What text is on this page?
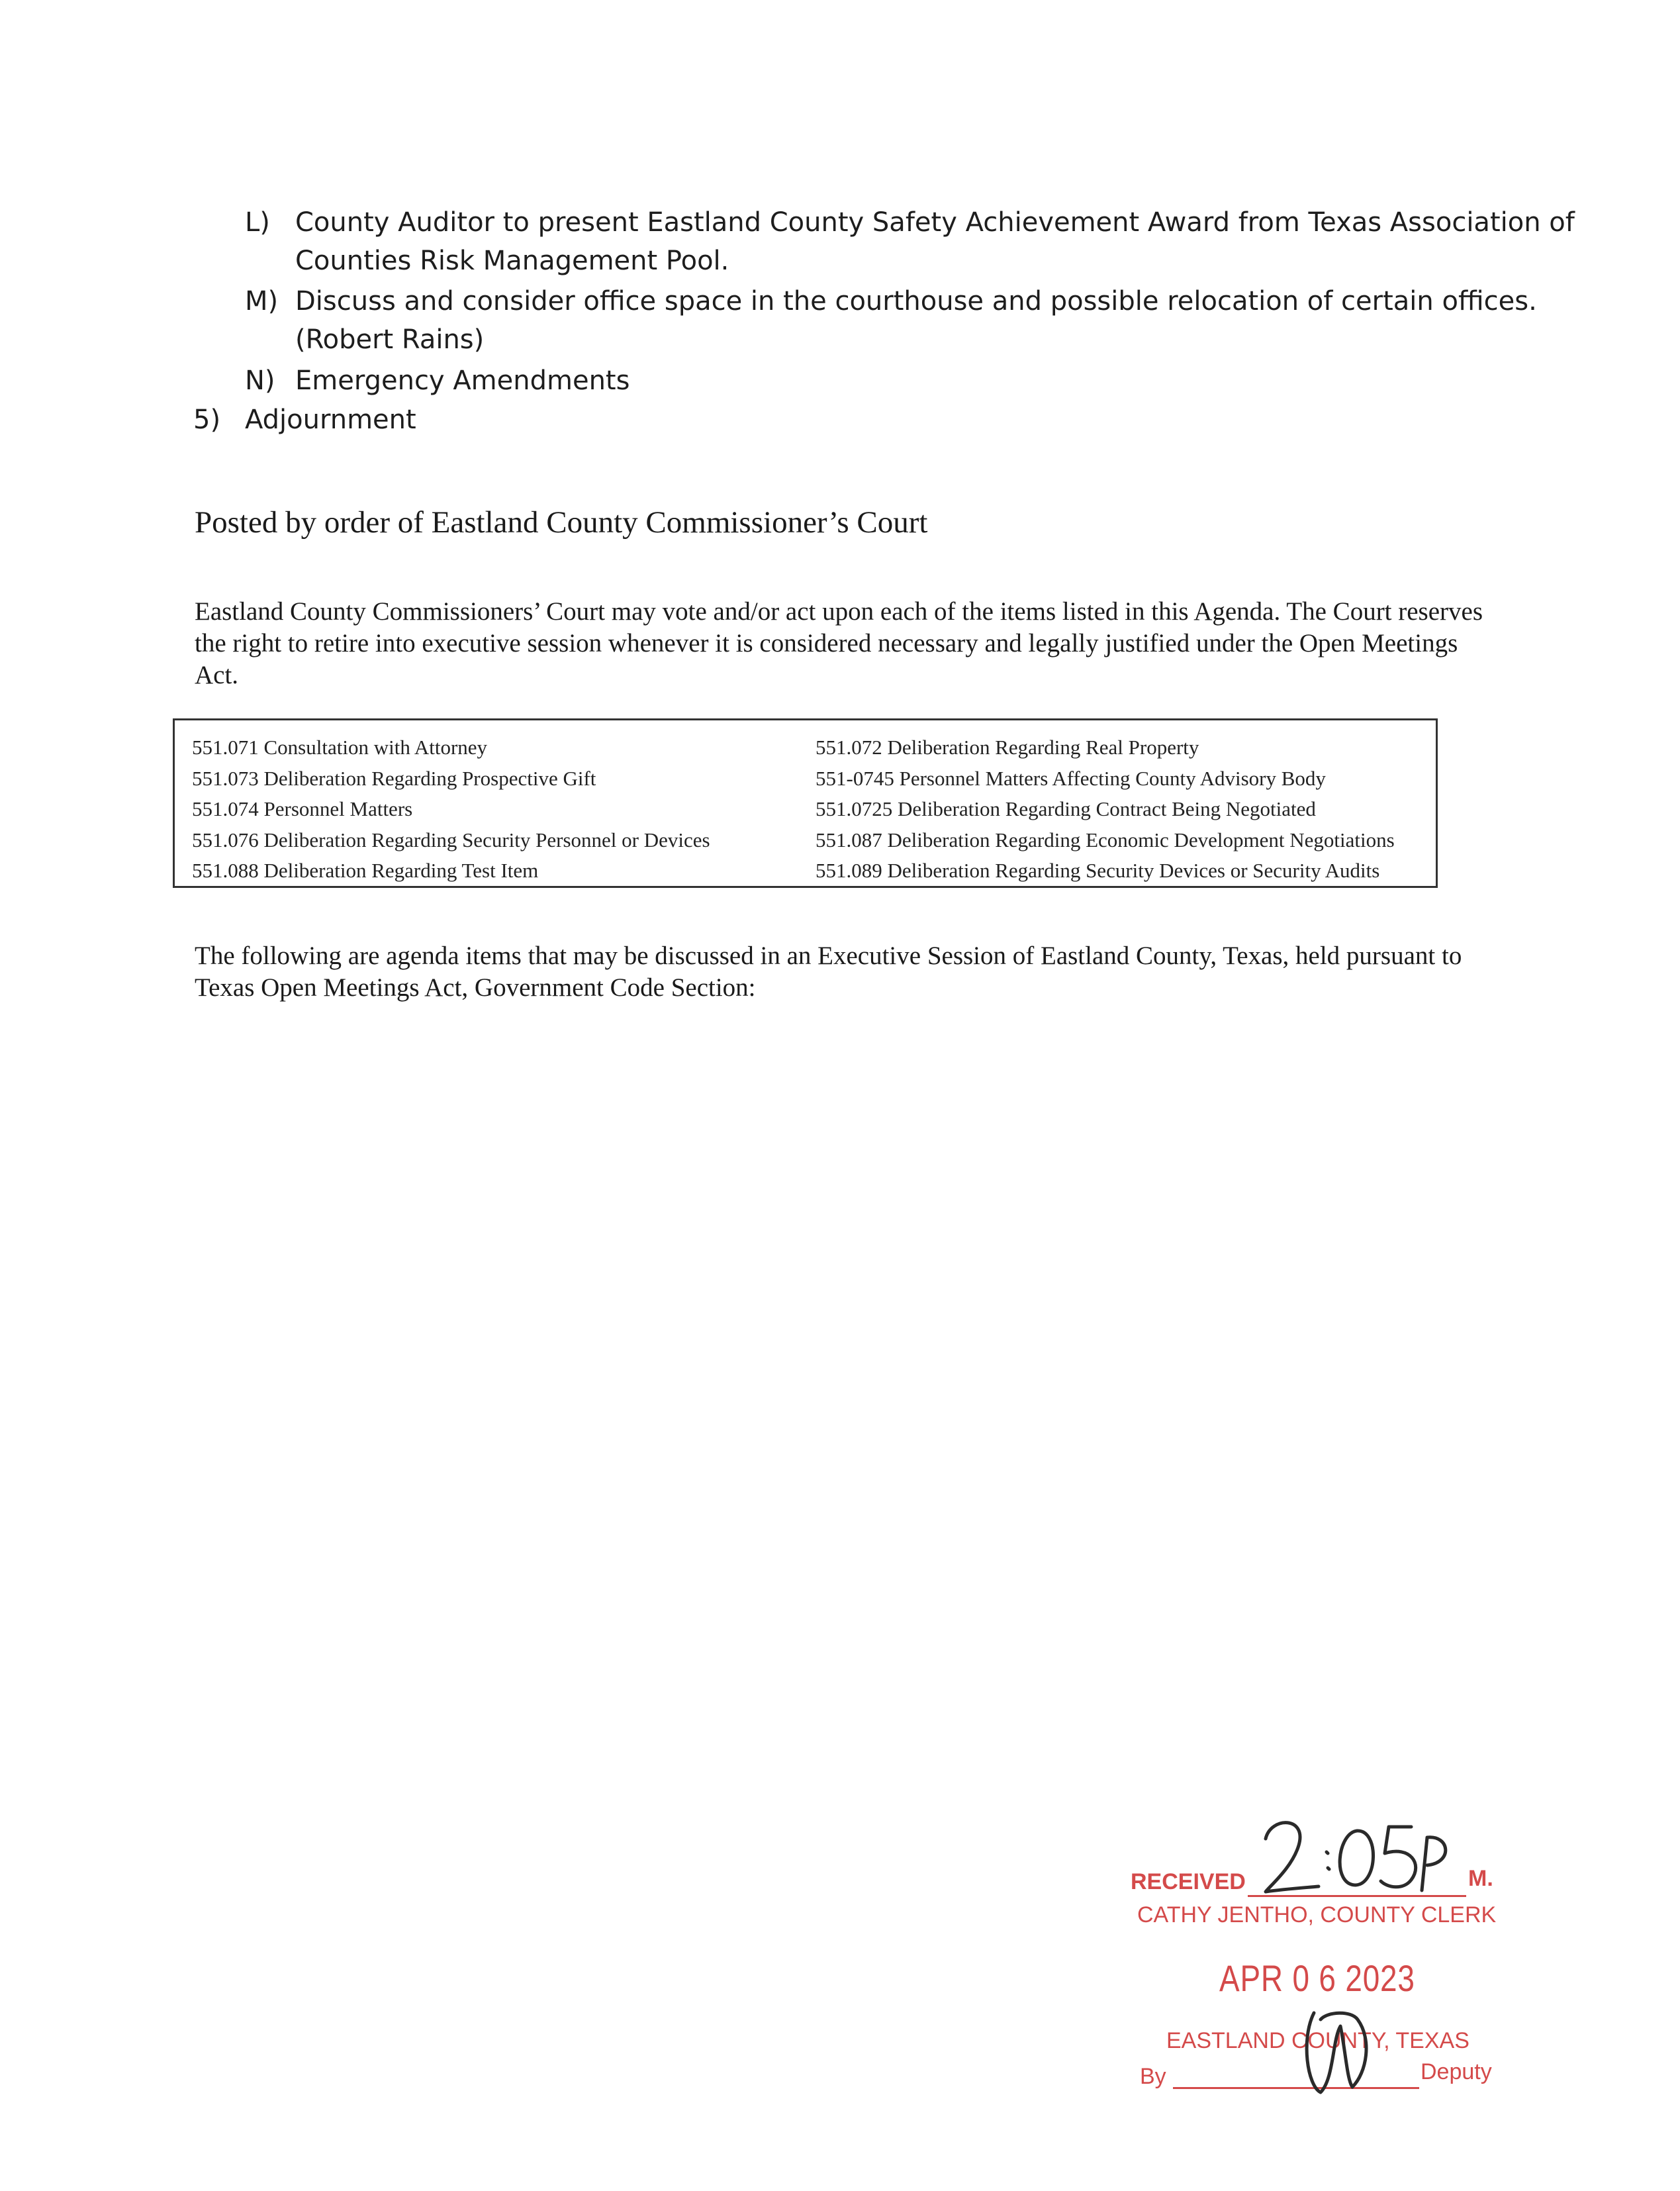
L) County Auditor to present Eastland County Safety Achievement Award from Texas Association of
Counties Risk Management Pool.
M) Discuss and consider office space in the courthouse and possible relocation of certain offices.
(Robert Rains)
N) Emergency Amendments
5) Adjournment
Posted by order of Eastland County Commissioner’s Court
Eastland County Commissioners’ Court may vote and/or act upon each of the items listed in this Agenda. The Court reserves the right to retire into executive session whenever it is considered necessary and legally justified under the Open Meetings Act.
551.071 Consultation with Attorney
551.073 Deliberation Regarding Prospective Gift
551.074 Personnel Matters
551.076 Deliberation Regarding Security Personnel or Devices
551.088 Deliberation Regarding Test Item
551.072 Deliberation Regarding Real Property
551-0745 Personnel Matters Affecting County Advisory Body
551.0725 Deliberation Regarding Contract Being Negotiated
551.087 Deliberation Regarding Economic Development Negotiations
551.089 Deliberation Regarding Security Devices or Security Audits
The following are agenda items that may be discussed in an Executive Session of Eastland County, Texas, held pursuant to Texas Open Meetings Act, Government Code Section:
RECEIVED	M.
CATHY JENTHO, COUNTY CLERK
APR 0 6 2023
EASTLAND COUNTY, TEXAS
By	Deputy
